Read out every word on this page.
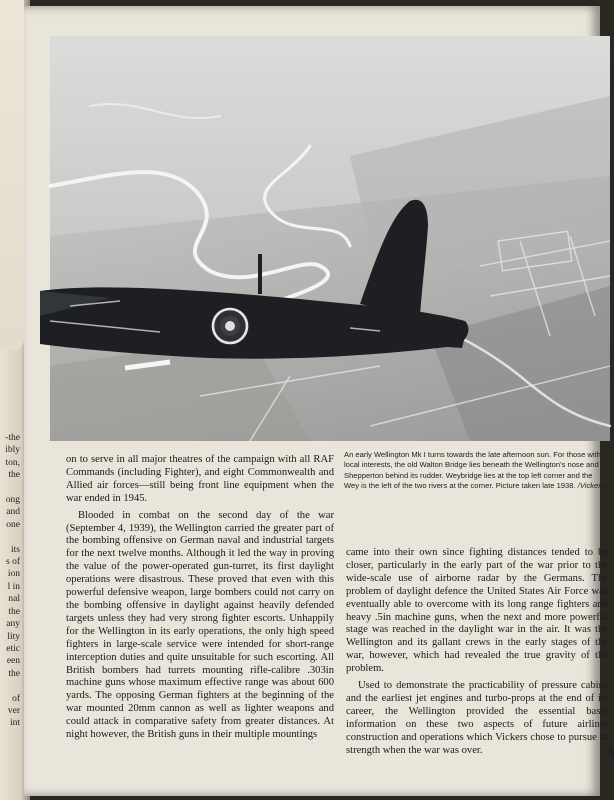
-the
ibly
ton,
the

ong
and
one

its
s of
ion
l in
nal
the
any
lity
etic
een
the

of
ver
int
An early Wellington Mk I turns towards the late afternoon sun. For those with local interests, the old Walton Bridge lies beneath the Wellington's nose and Shepperton behind its rudder. Weybridge lies at the top left corner and the Wey is the left of the two rivers at the corner. Picture taken late 1938. /Vickers

on to serve in all major theatres of the campaign with all RAF Commands (including Fighter), and eight Commonwealth and Allied air forces—still being front line equipment when the war ended in 1945.

Blooded in combat on the second day of the war (September 4, 1939), the Wellington carried the greater part of the bombing offensive on German naval and industrial targets for the next twelve months. Although it led the way in proving the value of the power-operated gun-turret, its first daylight operations were disastrous. These proved that even with this powerful defensive weapon, large bombers could not carry on the bombing offensive in daylight against heavily defended targets unless they had very strong fighter escorts. Unhappily for the Wellington in its early operations, the only high speed fighters in large-scale service were intended for short-range interception duties and quite unsuitable for such escorting. All British bombers had turrets mounting rifle-calibre .303in machine guns whose maximum effective range was about 600 yards. The opposing German fighters at the beginning of the war mounted 20mm cannon as well as lighter weapons and could attack in comparative safety from greater distances. At night however, the British guns in their multiple mountings

came into their own since fighting distances tended to be closer, particularly in the early part of the war prior to the wide-scale use of airborne radar by the Germans. The problem of daylight defence the United States Air Force was eventually able to overcome with its long range fighters and heavy .5in machine guns, when the next and more powerful stage was reached in the daylight war in the air. It was the Wellington and its gallant crews in the early stages of the war, however, which had revealed the true gravity of the problem.

Used to demonstrate the practicability of pressure cabins and the earliest jet engines and turbo-props at the end of its career, the Wellington provided the essential basic information on these two aspects of future airliner construction and operations which Vickers chose to pursue in strength when the war was over.	5
